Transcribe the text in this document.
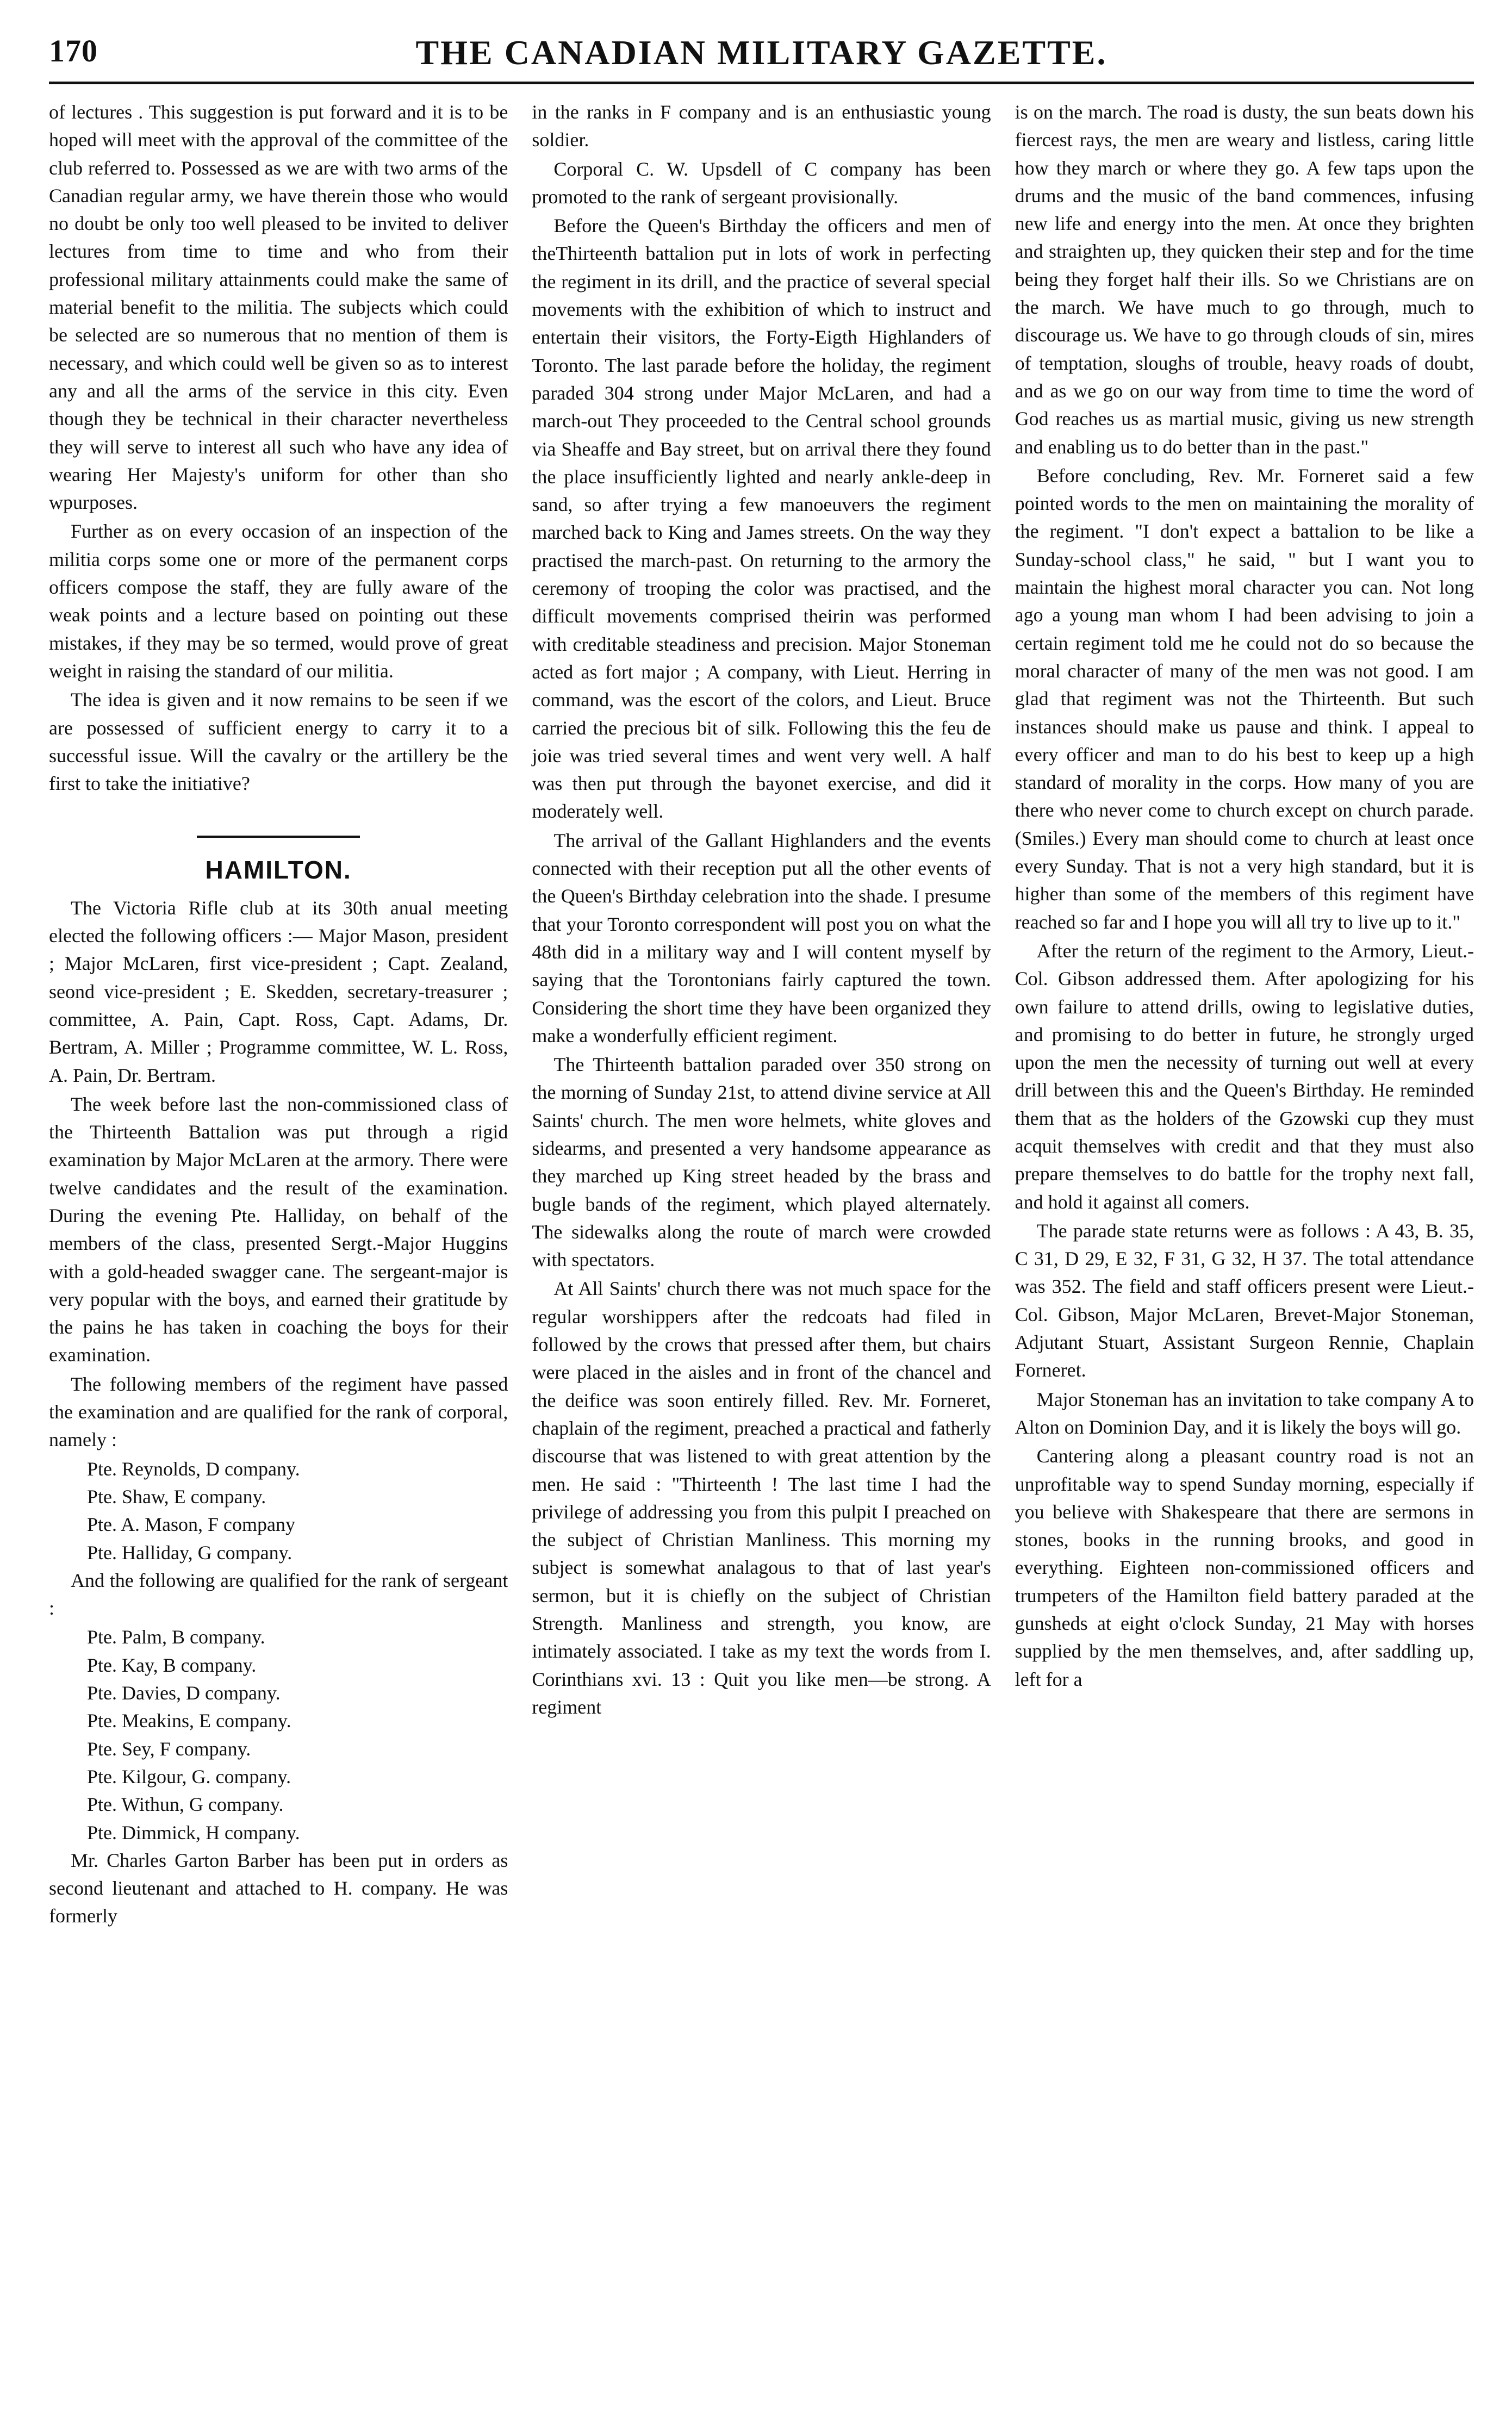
170	THE CANADIAN MILITARY GAZETTE.

of lectures . This suggestion is put forward and it is to be hoped will meet with the approval of the committee of the club referred to. Possessed as we are with two arms of the Canadian regular army, we have therein those who would no doubt be only too well pleased to be invited to deliver lectures from time to time and who from their professional military attainments could make the same of material benefit to the militia. The subjects which could be selected are so numerous that no mention of them is necessary, and which could well be given so as to interest any and all the arms of the service in this city. Even though they be technical in their character nevertheless they will serve to interest all such who have any idea of wearing Her Majesty's uniform for other than sho wpurposes.

Further as on every occasion of an inspection of the militia corps some one or more of the permanent corps officers compose the staff, they are fully aware of the weak points and a lecture based on pointing out these mistakes, if they may be so termed, would prove of great weight in raising the standard of our militia.

The idea is given and it now remains to be seen if we are possessed of sufficient energy to carry it to a successful issue. Will the cavalry or the artillery be the first to take the initiative?

HAMILTON.

The Victoria Rifle club at its 30th anual meeting elected the following officers :— Major Mason, president ; Major McLaren, first vice-president ; Capt. Zealand, seond vice-president ; E. Skedden, secretary-treasurer ; committee, A. Pain, Capt. Ross, Capt. Adams, Dr. Bertram, A. Miller ; Programme committee, W. L. Ross, A. Pain, Dr. Bertram.

The week before last the non-commissioned class of the Thirteenth Battalion was put through a rigid examination by Major McLaren at the armory. There were twelve candidates and the result of the examination. During the evening Pte. Halliday, on behalf of the members of the class, presented Sergt.-Major Huggins with a gold-headed swagger cane. The sergeant-major is very popular with the boys, and earned their gratitude by the pains he has taken in coaching the boys for their examination.

The following members of the regiment have passed the examination and are qualified for the rank of corporal, namely :

Pte. Reynolds, D company.
Pte. Shaw, E company.
Pte. A. Mason, F company
Pte. Halliday, G company.

And the following are qualified for the rank of sergeant :

Pte. Palm, B company.
Pte. Kay, B company.
Pte. Davies, D company.
Pte. Meakins, E company.
Pte. Sey, F company.
Pte. Kilgour, G. company.
Pte. Withun, G company.
Pte. Dimmick, H company.

Mr. Charles Garton Barber has been put in orders as second lieutenant and attached to H. company. He was formerly

in the ranks in F company and is an enthusiastic young soldier.

Corporal C. W. Upsdell of C company has been promoted to the rank of sergeant provisionally.

Before the Queen's Birthday the officers and men of theThirteenth battalion put in lots of work in perfecting the regiment in its drill, and the practice of several special movements with the exhibition of which to instruct and entertain their visitors, the Forty-Eigth Highlanders of Toronto. The last parade before the holiday, the regiment paraded 304 strong under Major McLaren, and had a march-out They proceeded to the Central school grounds via Sheaffe and Bay street, but on arrival there they found the place insufficiently lighted and nearly ankle-deep in sand, so after trying a few manoeuvers the regiment marched back to King and James streets. On the way they practised the march-past. On returning to the armory the ceremony of trooping the color was practised, and the difficult movements comprised theirin was performed with creditable steadiness and precision. Major Stoneman acted as fort major ; A company, with Lieut. Herring in command, was the escort of the colors, and Lieut. Bruce carried the precious bit of silk. Following this the feu de joie was tried several times and went very well. A half was then put through the bayonet exercise, and did it moderately well.

The arrival of the Gallant Highlanders and the events connected with their reception put all the other events of the Queen's Birthday celebration into the shade. I presume that your Toronto correspondent will post you on what the 48th did in a military way and I will content myself by saying that the Torontonians fairly captured the town. Considering the short time they have been organized they make a wonderfully efficient regiment.

The Thirteenth battalion paraded over 350 strong on the morning of Sunday 21st, to attend divine service at All Saints' church. The men wore helmets, white gloves and sidearms, and presented a very handsome appearance as they marched up King street headed by the brass and bugle bands of the regiment, which played alternately. The sidewalks along the route of march were crowded with spectators.

At All Saints' church there was not much space for the regular worshippers after the redcoats had filed in followed by the crows that pressed after them, but chairs were placed in the aisles and in front of the chancel and the deifice was soon entirely filled. Rev. Mr. Forneret, chaplain of the regiment, preached a practical and fatherly discourse that was listened to with great attention by the men. He said : "Thirteenth ! The last time I had the privilege of addressing you from this pulpit I preached on the subject of Christian Manliness. This morning my subject is somewhat analagous to that of last year's sermon, but it is chiefly on the subject of Christian Strength. Manliness and strength, you know, are intimately associated. I take as my text the words from I. Corinthians xvi. 13 : Quit you like men—be strong. A regiment

is on the march. The road is dusty, the sun beats down his fiercest rays, the men are weary and listless, caring little how they march or where they go. A few taps upon the drums and the music of the band commences, infusing new life and energy into the men. At once they brighten and straighten up, they quicken their step and for the time being they forget half their ills. So we Christians are on the march. We have much to go through, much to discourage us. We have to go through clouds of sin, mires of temptation, sloughs of trouble, heavy roads of doubt, and as we go on our way from time to time the word of God reaches us as martial music, giving us new strength and enabling us to do better than in the past."

Before concluding, Rev. Mr. Forneret said a few pointed words to the men on maintaining the morality of the regiment. "I don't expect a battalion to be like a Sunday-school class," he said, " but I want you to maintain the highest moral character you can. Not long ago a young man whom I had been advising to join a certain regiment told me he could not do so because the moral character of many of the men was not good. I am glad that regiment was not the Thirteenth. But such instances should make us pause and think. I appeal to every officer and man to do his best to keep up a high standard of morality in the corps. How many of you are there who never come to church except on church parade. (Smiles.) Every man should come to church at least once every Sunday. That is not a very high standard, but it is higher than some of the members of this regiment have reached so far and I hope you will all try to live up to it."

After the return of the regiment to the Armory, Lieut.-Col. Gibson addressed them. After apologizing for his own failure to attend drills, owing to legislative duties, and promising to do better in future, he strongly urged upon the men the necessity of turning out well at every drill between this and the Queen's Birthday. He reminded them that as the holders of the Gzowski cup they must acquit themselves with credit and that they must also prepare themselves to do battle for the trophy next fall, and hold it against all comers.

The parade state returns were as follows : A 43, B. 35, C 31, D 29, E 32, F 31, G 32, H 37. The total attendance was 352. The field and staff officers present were Lieut.-Col. Gibson, Major McLaren, Brevet-Major Stoneman, Adjutant Stuart, Assistant Surgeon Rennie, Chaplain Forneret.

Major Stoneman has an invitation to take company A to Alton on Dominion Day, and it is likely the boys will go.

Cantering along a pleasant country road is not an unprofitable way to spend Sunday morning, especially if you believe with Shakespeare that there are sermons in stones, books in the running brooks, and good in everything. Eighteen non-commissioned officers and trumpeters of the Hamilton field battery paraded at the gunsheds at eight o'clock Sunday, 21 May with horses supplied by the men themselves, and, after saddling up, left for a
